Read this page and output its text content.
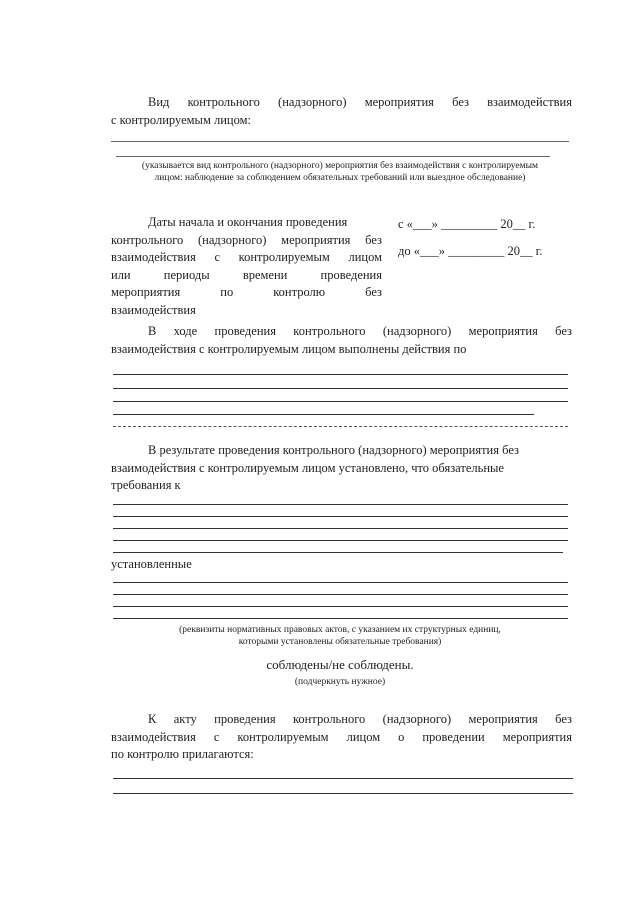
Вид контрольного (надзорного) мероприятия без взаимодействия
с контролируемым лицом:
(указывается вид контрольного (надзорного) мероприятия без взаимодействия с контролируемым
лицом: наблюдение за соблюдением обязательных требований или выездное обследование)
Даты начала и окончания проведения
контрольного (надзорного) мероприятия без
взаимодействия с контролируемым лицом
или периоды времени проведения
мероприятия по контролю без
взаимодействия
с «___» _________ 20__ г.
до «___» _________ 20__ г.
В ходе проведения контрольного (надзорного) мероприятия без
взаимодействия с контролируемым лицом выполнены действия по
В результате проведения контрольного (надзорного) мероприятия без
взаимодействия с контролируемым лицом установлено, что обязательные
требования к
установленные
(реквизиты нормативных правовых актов, с указанием их структурных единиц,
которыми установлены обязательные требования)
соблюдены/не соблюдены.
(подчеркнуть нужное)
К акту проведения контрольного (надзорного) мероприятия без
взаимодействия с контролируемым лицом о проведении мероприятия
по контролю прилагаются:
